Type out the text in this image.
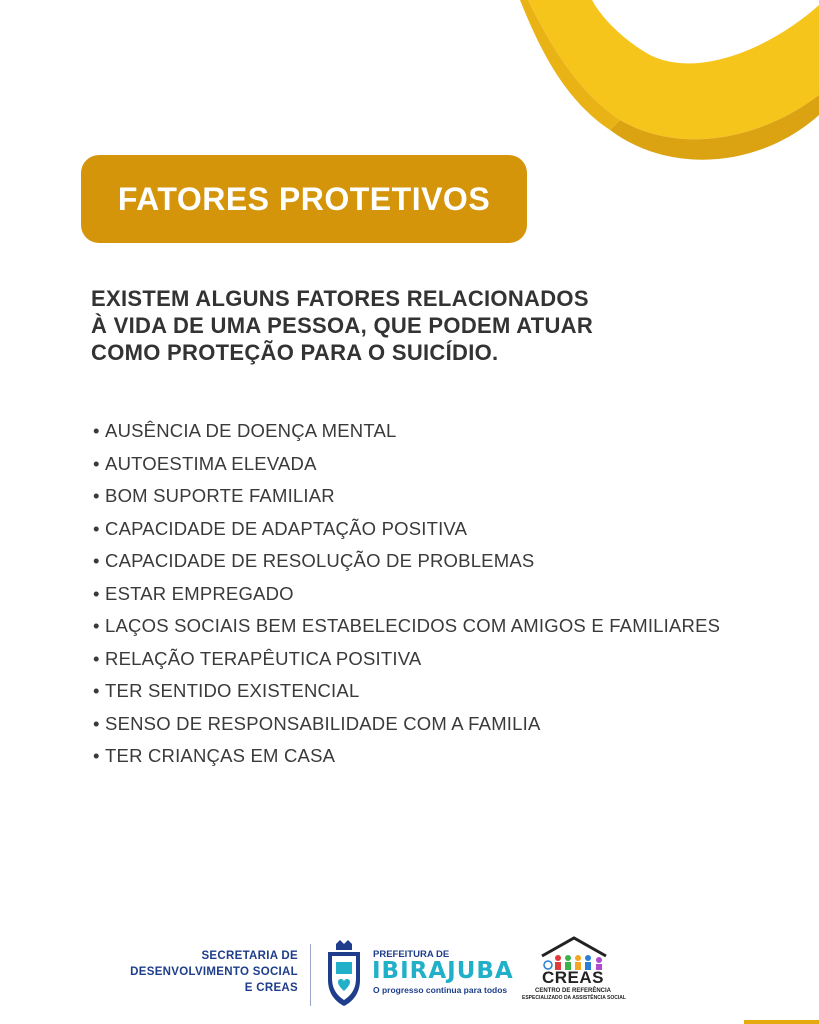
FATORES PROTETIVOS
EXISTEM ALGUNS FATORES RELACIONADOS
À VIDA DE UMA PESSOA, QUE PODEM ATUAR
COMO PROTEÇÃO PARA O SUICÍDIO.
• AUSÊNCIA DE DOENÇA MENTAL
• AUTOESTIMA ELEVADA
• BOM SUPORTE FAMILIAR
• CAPACIDADE DE ADAPTAÇÃO POSITIVA
• CAPACIDADE DE RESOLUÇÃO DE PROBLEMAS
• ESTAR EMPREGADO
• LAÇOS SOCIAIS BEM ESTABELECIDOS COM AMIGOS E FAMILIARES
• RELAÇÃO TERAPÊUTICA POSITIVA
• TER SENTIDO EXISTENCIAL
• SENSO DE RESPONSABILIDADE COM A FAMILIA
• TER CRIANÇAS EM CASA
SECRETARIA DE
DESENVOLVIMENTO SOCIAL
E CREAS
PREFEITURA DE
IBIRAJUBA
O progresso continua para todos
CREAS
CENTRO DE REFERÊNCIA
ESPECIALIZADO DA ASSISTÊNCIA SOCIAL
